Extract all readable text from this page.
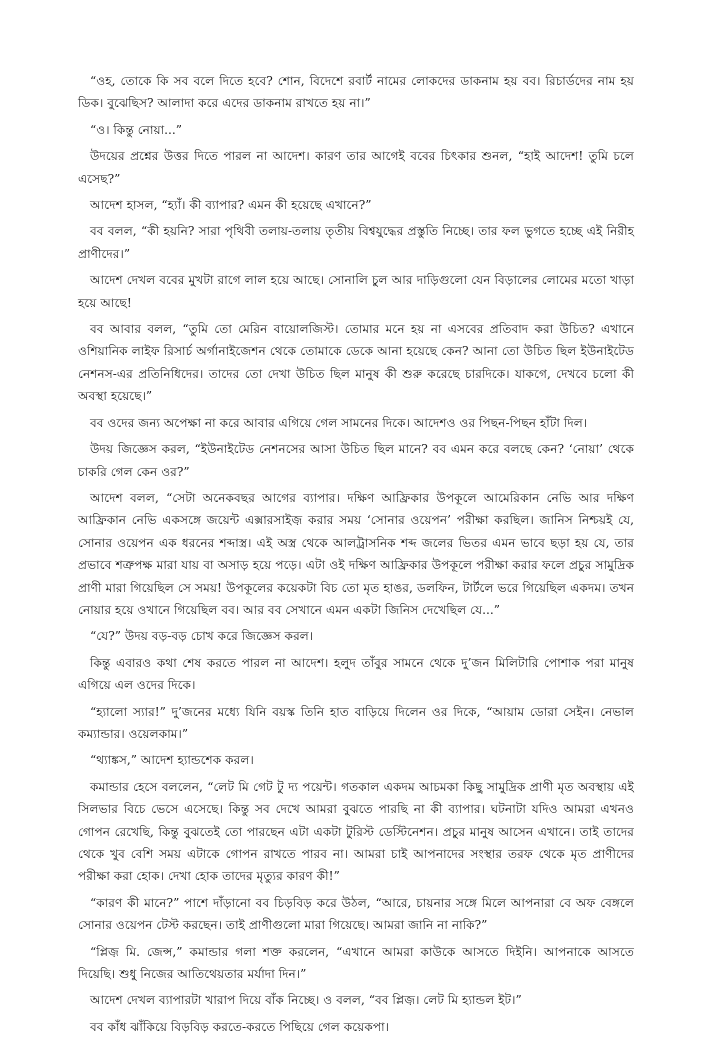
“ওহ, তোকে কি সব বলে দিতে হবে? শোন, বিদেশে রবার্ট নামের লোকদের ডাকনাম হয় বব। রিচার্ডদের নাম হয় ডিক। বুঝেছিস? আলাদা করে এদের ডাকনাম রাখতে হয় না।”

“ও। কিন্তু নোয়া...”

উদয়ের প্রশ্নের উত্তর দিতে পারল না আদেশ। কারণ তার আগেই ববের চিৎকার শুনল, “হাই আদেশ! তুমি চলে এসেছ?”

আদেশ হাসল, “হ্যাঁ। কী ব্যাপার? এমন কী হয়েছে এখানে?”

বব বলল, “কী হয়নি? সারা পৃথিবী তলায়-তলায় তৃতীয় বিশ্বযুদ্ধের প্রস্তুতি নিচ্ছে। তার ফল ভুগতে হচ্ছে এই নিরীহ প্রাণীদের।”

আদেশ দেখল ববের মুখটা রাগে লাল হয়ে আছে। সোনালি চুল আর দাড়িগুলো যেন বিড়ালের লোমের মতো খাড়া হয়ে আছে!

বব আবার বলল, “তুমি তো মেরিন বায়োলজিস্ট। তোমার মনে হয় না এসবের প্রতিবাদ করা উচিত? এখানে ওশিয়ানিক লাইফ রিসার্চ অর্গানাইজেশন থেকে তোমাকে ডেকে আনা হয়েছে কেন? আনা তো উচিত ছিল ইউনাইটেড নেশনস-এর প্রতিনিধিদের। তাদের তো দেখা উচিত ছিল মানুষ কী শুরু করেছে চারদিকে। যাকগে, দেখবে চলো কী অবস্থা হয়েছে।”

বব ওদের জন্য অপেক্ষা না করে আবার এগিয়ে গেল সামনের দিকে। আদেশও ওর পিছন-পিছন হাঁটা দিল।

উদয় জিজ্ঞেস করল, “ইউনাইটেড নেশনসের আসা উচিত ছিল মানে? বব এমন করে বলছে কেন? ‘নোয়া’ থেকে চাকরি গেল কেন ওর?”

আদেশ বলল, “সেটা অনেকবছর আগের ব্যাপার। দক্ষিণ আফ্রিকার উপকূলে আমেরিকান নেভি আর দক্ষিণ আফ্রিকান নেভি একসঙ্গে জয়েন্ট এক্সারসাইজ় করার সময় ‘সোনার ওয়েপন’ পরীক্ষা করছিল। জানিস নিশ্চয়ই যে, সোনার ওয়েপন এক ধরনের শব্দাস্ত্র। এই অস্ত্র থেকে আলট্রাসনিক শব্দ জলের ভিতর এমন ভাবে ছড়া হয় যে, তার প্রভাবে শত্রুপক্ষ মারা যায় বা অসাড় হয়ে পড়ে। এটা ওই দক্ষিণ আফ্রিকার উপকূলে পরীক্ষা করার ফলে প্রচুর সামুদ্রিক প্রাণী মারা গিয়েছিল সে সময়! উপকূলের কয়েকটা বিচ তো মৃত হাঙর, ডলফিন, টার্টলে ভরে গিয়েছিল একদম। তখন নোয়ার হয়ে ওখানে গিয়েছিল বব। আর বব সেখানে এমন একটা জিনিস দেখেছিল যে...”

“যে?” উদয় বড়-বড় চোখ করে জিজ্ঞেস করল।

কিন্তু এবারও কথা শেষ করতে পারল না আদেশ। হলুদ তাঁবুর সামনে থেকে দু’জন মিলিটারি পোশাক পরা মানুষ এগিয়ে এল ওদের দিকে।

“হ্যালো স্যার!” দু’জনের মধ্যে যিনি বয়স্ক তিনি হাত বাড়িয়ে দিলেন ওর দিকে, “আয়াম ডোরা সেইন। নেভাল কম্যান্ডার। ওয়েলকাম।”

“থ্যাঙ্কস,” আদেশ হ্যান্ডশেক করল।

কমান্ডার হেসে বললেন, “লেট মি গেট টু দ্য পয়েন্ট। গতকাল একদম আচমকা কিছু সামুদ্রিক প্রাণী মৃত অবস্থায় এই সিলভার বিচে ভেসে এসেছে। কিন্তু সব দেখে আমরা বুঝতে পারছি না কী ব্যাপার। ঘটনাটা যদিও আমরা এখনও গোপন রেখেছি, কিন্তু বুঝতেই তো পারছেন এটা একটা টুরিস্ট ডেস্টিনেশন। প্রচুর মানুষ আসেন এখানে। তাই তাদের থেকে খুব বেশি সময় এটাকে গোপন রাখতে পারব না। আমরা চাই আপনাদের সংস্থার তরফ থেকে মৃত প্রাণীদের পরীক্ষা করা হোক। দেখা হোক তাদের মৃত্যুর কারণ কী!”

“কারণ কী মানে?” পাশে দাঁড়ানো বব চিড়বিড় করে উঠল, “আরে, চায়নার সঙ্গে মিলে আপনারা বে অফ বেঙ্গলে সোনার ওয়েপন টেস্ট করছেন। তাই প্রাণীগুলো মারা গিয়েছে। আমরা জানি না নাকি?”

“প্লিজ় মি. জেন্স,” কমান্ডার গলা শক্ত করলেন, “এখানে আমরা কাউকে আসতে দিইনি। আপনাকে আসতে দিয়েছি। শুধু নিজের আতিথেয়তার মর্যাদা দিন।”

আদেশ দেখল ব্যাপারটা খারাপ দিয়ে বাঁক নিচ্ছে। ও বলল, “বব প্লিজ়। লেট মি হ্যান্ডল ইট।”

বব কাঁধ ঝাঁকিয়ে বিড়বিড় করতে-করতে পিছিয়ে গেল কয়েকপা।
